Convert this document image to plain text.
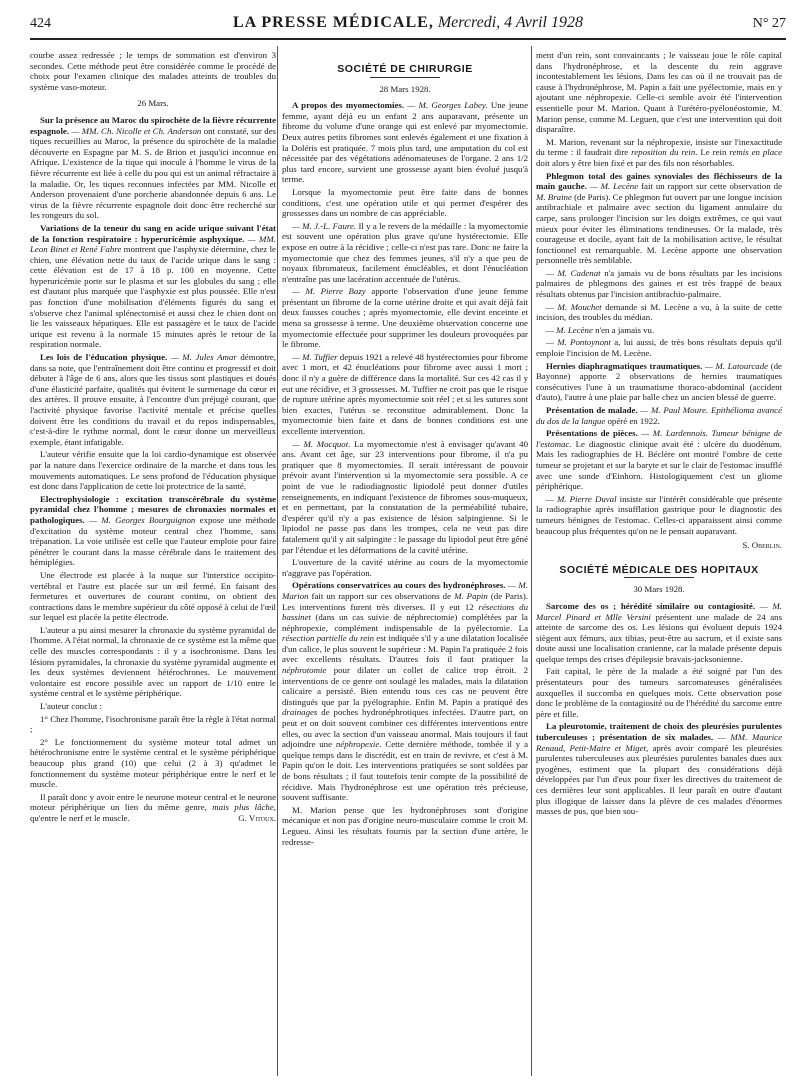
424	LA PRESSE MÉDICALE, Mercredi, 4 Avril 1928	N° 27

courbe assez redressée ; le temps de sommation est d'environ 3 secondes. Cette méthode peut être considérée comme le procédé de choix pour l'examen clinique des malades atteints de troubles du système vaso-moteur.

26 Mars.

Sur la présence au Maroc du spirochète de la fièvre récurrente espagnole. — MM. Ch. Nicolle et Ch. Anderson ont constaté, sur des tiques recueillies au Maroc, la présence du spirochète de la maladie découverte en Espagne par M. S. de Brion et jusqu'ici inconnue en Afrique. L'existence de la tique qui inocule à l'homme le virus de la fièvre récurrente est liée à celle du pou qui est un animal réfractaire à la maladie. Or, les tiques reconnues infectées par MM. Nicolle et Anderson provenaient d'une porcherie abandonnée depuis 6 ans. Le virus de la fièvre récurrente espagnole doit donc être recherché sur les rongeurs du sol.

Variations de la teneur du sang en acide urique suivant l'état de la fonction respiratoire : hyperuricémie asphyxique. — MM. Leon Binet et René Fabre montrent que l'asphyxie détermine, chez le chien, une élévation nette du taux de l'acide urique dans le sang : cette élévation est de 17 à 18 p. 100 en moyenne. Cette hyperuricémie porte sur le plasma et sur les globules du sang ; elle est d'autant plus marquée que l'asphyxie est plus poussée. Elle n'est pas fonction d'une mobilisation d'éléments figurés du sang et s'observe chez l'animal splénectomisé et aussi chez le chien dont on lie les vaisseaux hépatiques. Elle est passagère et le taux de l'acide urique est revenu à la normale 15 minutes après le retour de la respiration normale.

Les lois de l'éducation physique. — M. Jules Amar démontre, dans sa note, que l'entraînement doit être continu et progressif et doit débuter à l'âge de 6 ans, alors que les tissus sont plastiques et doués d'une élasticité parfaite, qualités qui évitent le surmenage du cœur et des artères. Il prouve ensuite, à l'encontre d'un préjugé courant, que l'activité physique favorise l'activité mentale et précise quelles doivent être les conditions du travail et du repos indispensables, c'est-à-dire le rythme normal, dont le cœur donne un merveilleux exemple, étant infatigable.

L'auteur vérifie ensuite que la loi cardio-dynamique est observée par la nature dans l'exercice ordinaire de la marche et dans tous les mouvements automatiques. Le sens profond de l'éducation physique est donc dans l'application de cette loi protectrice de la santé.

Electrophysiologie : excitation transcérébrale du système pyramidal chez l'homme ; mesures de chronaxies normales et pathologiques. — M. Georges Bourguignon expose une méthode d'excitation du système moteur central chez l'homme, sans trépanation. La voie utilisée est celle que l'auteur emploie pour faire pénétrer le courant dans la masse cérébrale dans le traitement des hémiplégies.

Une électrode est placée à la nuque sur l'interstice occipito-vertébral et l'autre est placée sur un œil fermé. En faisant des fermetures et ouvertures de courant continu, on obtient des contractions dans le membre supérieur du côté opposé à celui de l'œil sur lequel est placée la petite électrode.

L'auteur a pu ainsi mesurer la chronaxie du système pyramidal de l'homme. A l'état normal, la chronaxie de ce système est la même que celle des muscles correspondants : il y a isochronisme. Dans les lésions pyramidales, la chronaxie du système pyramidal augmente et les deux systèmes deviennent hétérochrones. Le mouvement volontaire est encore possible avec un rapport de 1/10 entre le système central et le système périphérique.

L'auteur conclut :

1° Chez l'homme, l'isochronisme paraît être la règle à l'état normal ;

2° Le fonctionnement du système moteur total admet un hétérochronisme entre le système central et le système périphérique beaucoup plus grand (10) que celui (2 à 3) qu'admet le fonctionnement du système moteur périphérique entre le nerf et le muscle.

Il paraît donc y avoir entre le neurone moteur central et le neurone moteur périphérique un lien du même genre, mais plus lâche, qu'entre le nerf et le muscle.	G. Vitoux.

SOCIÉTÉ DE CHIRURGIE

28 Mars 1928.

A propos des myomectomies. — M. Georges Labey. Une jeune femme, ayant déjà eu un enfant 2 ans auparavant, présente un fibrome du volume d'une orange qui est enlevé par myomectomie. Deux autres petits fibromes sont enlevés également et une fixation à la Doléris est pratiquée. 7 mois plus tard, une amputation du col est nécessitée par des végétations adénomateuses de l'organe. 2 ans 1/2 plus tard encore, survient une grossesse ayant bien évolué jusqu'à terme.

Lorsque la myomectomie peut être faite dans de bonnes conditions, c'est une opération utile et qui permet d'espérer des grossesses dans un nombre de cas appréciable.

— M. J.-L. Faure. Il y a le revers de la médaille : la myomectomie est souvent une opération plus grave qu'une hystérectomie. Elle expose en outre à la récidive ; celle-ci n'est pas rare. Donc ne faire la myomectomie que chez des femmes jeunes, s'il n'y a que peu de noyaux fibromateux, facilement énucléables, et dont l'énucléation n'entraîne pas une lacération accentuée de l'utérus.

— M. Pierre Bazy apporte l'observation d'une jeune femme présentant un fibrome de la corne utérine droite et qui avait déjà fait deux fausses couches ; après myomectomie, elle devint enceinte et mena sa grossesse à terme. Une deuxième observation concerne une myomectomie effectuée pour supprimer les douleurs provoquées par le fibrome.

— M. Tuffier depuis 1921 a relevé 48 hystérectomies pour fibrome avec 1 mort, et 42 énucléations pour fibrome avec aussi 1 mort ; donc il n'y a guère de différence dans la mortalité. Sur ces 42 cas il y eut une récidive, et 3 grossesses. M. Tuffier ne croit pas que le risque de rupture utérine après myomectomie soit réel ; et si les sutures sont bien exactes, l'utérus se reconstitue admirablement. Donc la myomectomie bien faite et dans de bonnes conditions est une excellente intervention.

— M. Mocquot. La myomectomie n'est à envisager qu'avant 40 ans. Avant cet âge, sur 23 interventions pour fibrome, il n'a pu pratiquer que 8 myomectomies. Il serait intéressant de pouvoir prévoir avant l'intervention si la myomectomie sera possible. A ce point de vue le radiodiagnostic lipiodolé peut donner d'utiles renseignements, en indiquant l'existence de fibromes sous-muqueux, et en permettant, par la constatation de la perméabilité tubaire, d'espérer qu'il n'y a pas existence de lésion salpingienne. Si le lipiodol ne passe pas dans les trompes, cela ne veut pas dire fatalement qu'il y ait salpingite : le passage du lipiodol peut être gêné par l'étendue et les déformations de la cavité utérine.

L'ouverture de la cavité utérine au cours de la myomectomie n'aggrave pas l'opération.

Opérations conservatrices au cours des hydronéphroses. — M. Marion fait un rapport sur ces observations de M. Papin (de Paris). Les interventions furent très diverses. Il y eut 12 résections du bassinet (dans un cas suivie de néphrectomie) complétées par la néphropexie, complément indispensable de la pyélectomie. La résection partielle du rein est indiquée s'il y a une dilatation localisée d'un calice, le plus souvent le supérieur : M. Papin l'a pratiquée 2 fois avec excellents résultats. D'autres fois il faut pratiquer la néphrotomie pour dilater un collet de calice trop étroit. 2 interventions de ce genre ont soulagé les malades, mais la dilatation calicaire a persisté. Bien entendu tous ces cas ne peuvent être distingués que par la pyélographie. Enfin M. Papin a pratiqué des drainages de poches hydronéphrotiques infectées. D'autre part, on peut et on doit souvent combiner ces différentes interventions entre elles, ou avec la section d'un vaisseau anormal. Mais toujours il faut adjoindre une néphropexie. Cette dernière méthode, tombée il y a quelque temps dans le discrédit, est en train de revivre, et c'est à M. Papin qu'on le doit. Les interventions pratiquées se sont soldées par de bons résultats ; il faut toutefois tenir compte de la possibilité de récidive. Mais l'hydronéphrose est une opération très précieuse, souvent suffisante.

M. Marion pense que les hydronéphroses sont d'origine mécanique et non pas d'origine neuro-musculaire comme le croit M. Legueu. Ainsi les résultats fournis par la section d'une artère, le redresse-

ment d'un rein, sont convaincants ; le vaisseau joue le rôle capital dans l'hydronéphrose, et la descente du rein aggrave incontestablement les lésions. Dans les cas où il ne trouvait pas de cause à l'hydronéphrose, M. Papin a fait une pyélectomie, mais en y ajoutant une néphropexie. Celle-ci semble avoir été l'intervention essentielle pour M. Marion. Quant à l'urétéro-pyélonéostomie, M. Marion pense, comme M. Leguen, que c'est une intervention qui doit disparaître.

M. Marion, revenant sur la néphropexie, insiste sur l'inexactitude du terme : il faudrait dire reposition du rein. Le rein remis en place doit alors y être bien fixé et par des fils non résorbables.

Phlegmon total des gaines synoviales des fléchisseurs de la main gauche. — M. Lecène fait un rapport sur cette observation de M. Braine (de Paris). Ce phlegmon fut ouvert par une longue incision antibrachiale et palmaire avec section du ligament annulaire du carpe, sans prolonger l'incision sur les doigts extrêmes, ce qui vaut mieux pour éviter les éliminations tendineuses. Or la malade, très courageuse et docile, ayant fait de la mobilisation active, le résultat fonctionnel est remarquable. M. Lecène apporte une observation personnelle très semblable.

— M. Cadenat n'a jamais vu de bons résultats par les incisions palmaires de phlegmons des gaines et est très frappé de beaux résultats obtenus par l'incision antibrachio-palmaire.

— M. Mouchet demande si M. Lecène a vu, à la suite de cette incision, des troubles du médian.

— M. Lecène n'en a jamais vu.

— M. Pontoynont a, lui aussi, de très bons résultats depuis qu'il emploie l'incision de M. Lecène.

Hernies diaphragmatiques traumatiques. — M. Latourcade (de Bayonne) apporte 2 observations de hernies traumatiques consécutives l'une à un traumatisme thoraco-abdominal (accident d'auto), l'autre à une plaie par balle chez un ancien blessé de guerre.

Présentation de malade. — M. Paul Moure. Epithélioma avancé du dos de la langue opéré en 1922.

Présentations de pièces. — M. Lardennois. Tumeur bénigne de l'estomac. Le diagnostic clinique avait été : ulcère du duodénum. Mais les radiographies de H. Béclère ont montré l'ombre de cette tumeur se projetant et sur la baryte et sur le clair de l'estomac insufflé avec une sonde d'Einhorn. Histologiquement c'est un gliome périphérique.

— M. Pierre Duval insiste sur l'intérêt considérable que présente la radiographie après insufflation gastrique pour le diagnostic des tumeurs bénignes de l'estomac. Celles-ci apparaissent ainsi comme beaucoup plus fréquentes qu'on ne le pensait auparavant.

S. Oberlin.

SOCIÉTÉ MÉDICALE DES HOPITAUX

30 Mars 1928.

Sarcome des os ; hérédité similaire ou contagiosité. — M. Marcel Pinard et Mlle Versini présentent une malade de 24 ans atteinte de sarcome des os. Les lésions qui évoluent depuis 1924 siègent aux fémurs, aux tibias, peut-être au sacrum, et il existe sans doute aussi une localisation cranienne, car la malade présente depuis quelque temps des crises d'épilepsie bravais-jacksonienne.

Fait capital, le père de la malade a été soigné par l'un des présentateurs pour des tumeurs sarcomateuses généralisées auxquelles il succomba en quelques mois. Cette observation pose donc le problème de la contagiosité ou de l'hérédité du sarcome entre père et fille.

La pleurotomie, traitement de choix des pleurésies purulentes tuberculeuses ; présentation de six malades. — MM. Maurice Renaud, Petit-Maire et Miget, après avoir comparé les pleurésies purulentes tuberculeuses aux pleurésies purulentes banales dues aux pyogènes, estiment que la plupart des considérations déjà développées par l'un d'eux pour fixer les directives du traitement de ces dernières leur sont applicables. Il leur paraît en outre d'autant plus illogique de laisser dans la plèvre de ces malades d'énormes masses de pus, que bien sou-
